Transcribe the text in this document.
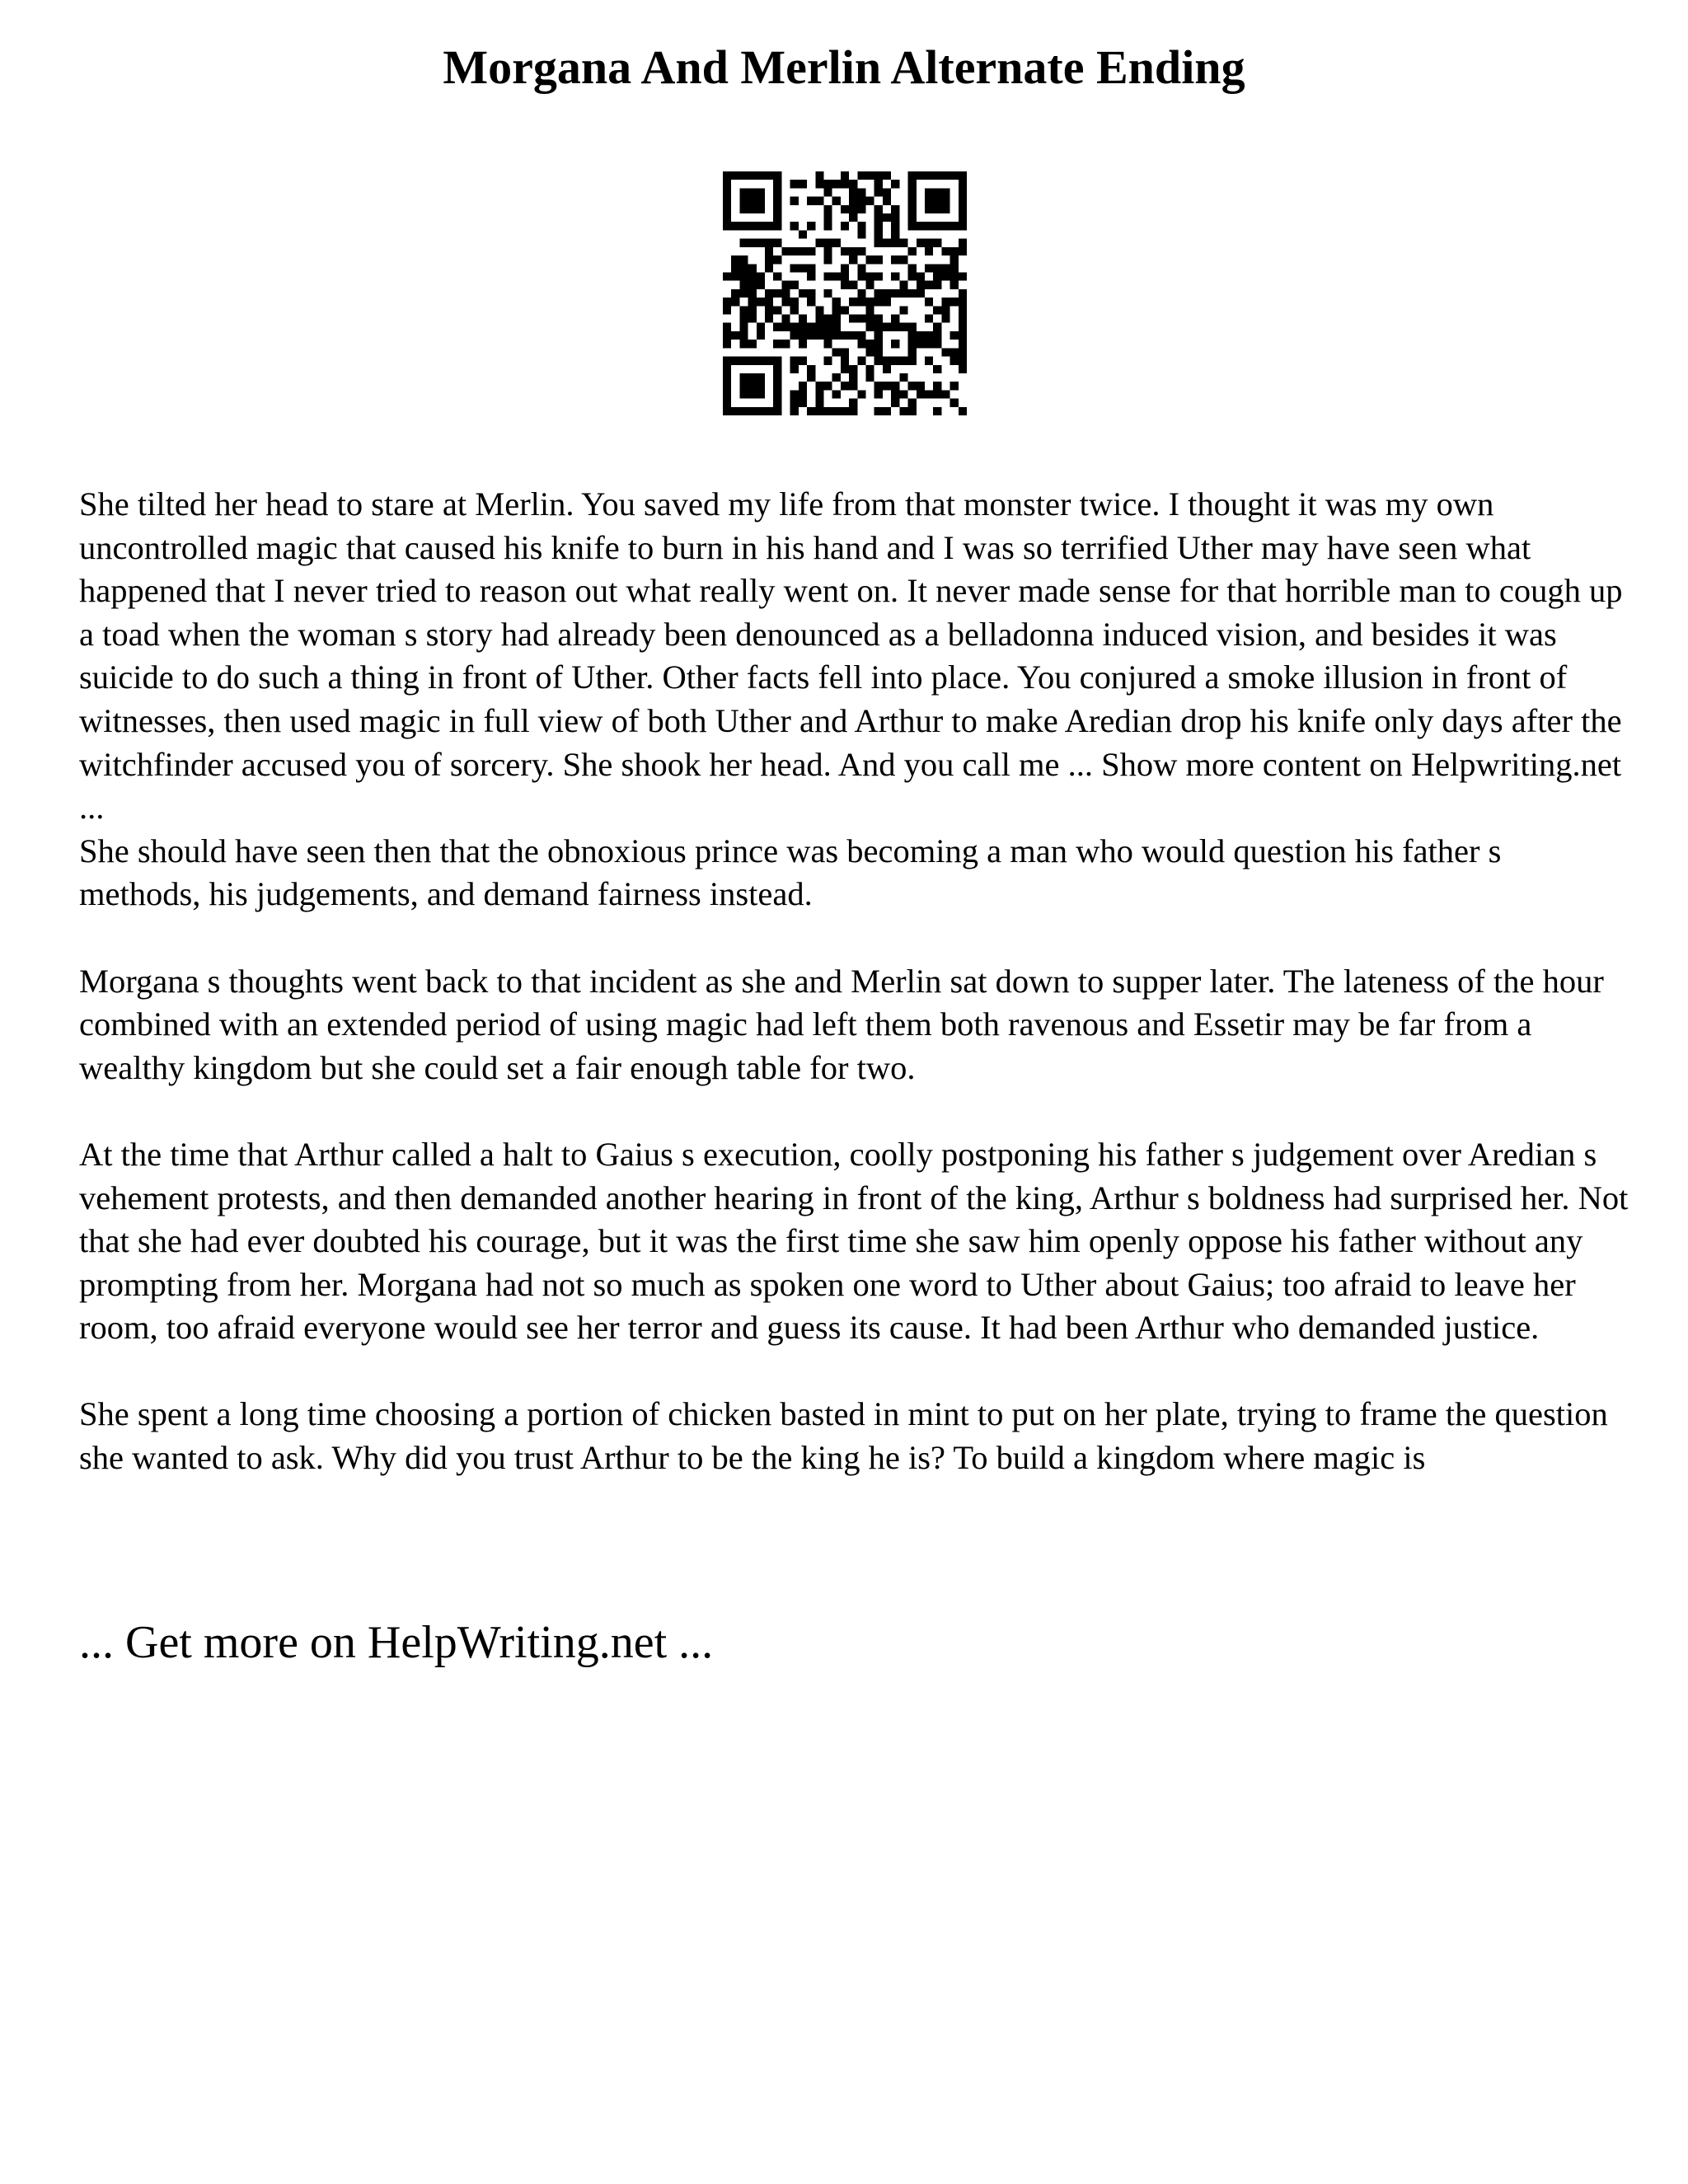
Morgana And Merlin Alternate Ending

She tilted her head to stare at Merlin. You saved my life from that monster twice. I thought it was my own uncontrolled magic that caused his knife to burn in his hand and I was so terrified Uther may have seen what happened that I never tried to reason out what really went on. It never made sense for that horrible man to cough up a toad when the woman s story had already been denounced as a belladonna induced vision, and besides it was suicide to do such a thing in front of Uther. Other facts fell into place. You conjured a smoke illusion in front of witnesses, then used magic in full view of both Uther and Arthur to make Aredian drop his knife only days after the witchfinder accused you of sorcery. She shook her head. And you call me ... Show more content on Helpwriting.net ...

She should have seen then that the obnoxious prince was becoming a man who would question his father s methods, his judgements, and demand fairness instead.

Morgana s thoughts went back to that incident as she and Merlin sat down to supper later. The lateness of the hour combined with an extended period of using magic had left them both ravenous and Essetir may be far from a wealthy kingdom but she could set a fair enough table for two.

At the time that Arthur called a halt to Gaius s execution, coolly postponing his father s judgement over Aredian s vehement protests, and then demanded another hearing in front of the king, Arthur s boldness had surprised her. Not that she had ever doubted his courage, but it was the first time she saw him openly oppose his father without any prompting from her. Morgana had not so much as spoken one word to Uther about Gaius; too afraid to leave her room, too afraid everyone would see her terror and guess its cause. It had been Arthur who demanded justice.

She spent a long time choosing a portion of chicken basted in mint to put on her plate, trying to frame the question she wanted to ask. Why did you trust Arthur to be the king he is? To build a kingdom where magic is

... Get more on HelpWriting.net ...
